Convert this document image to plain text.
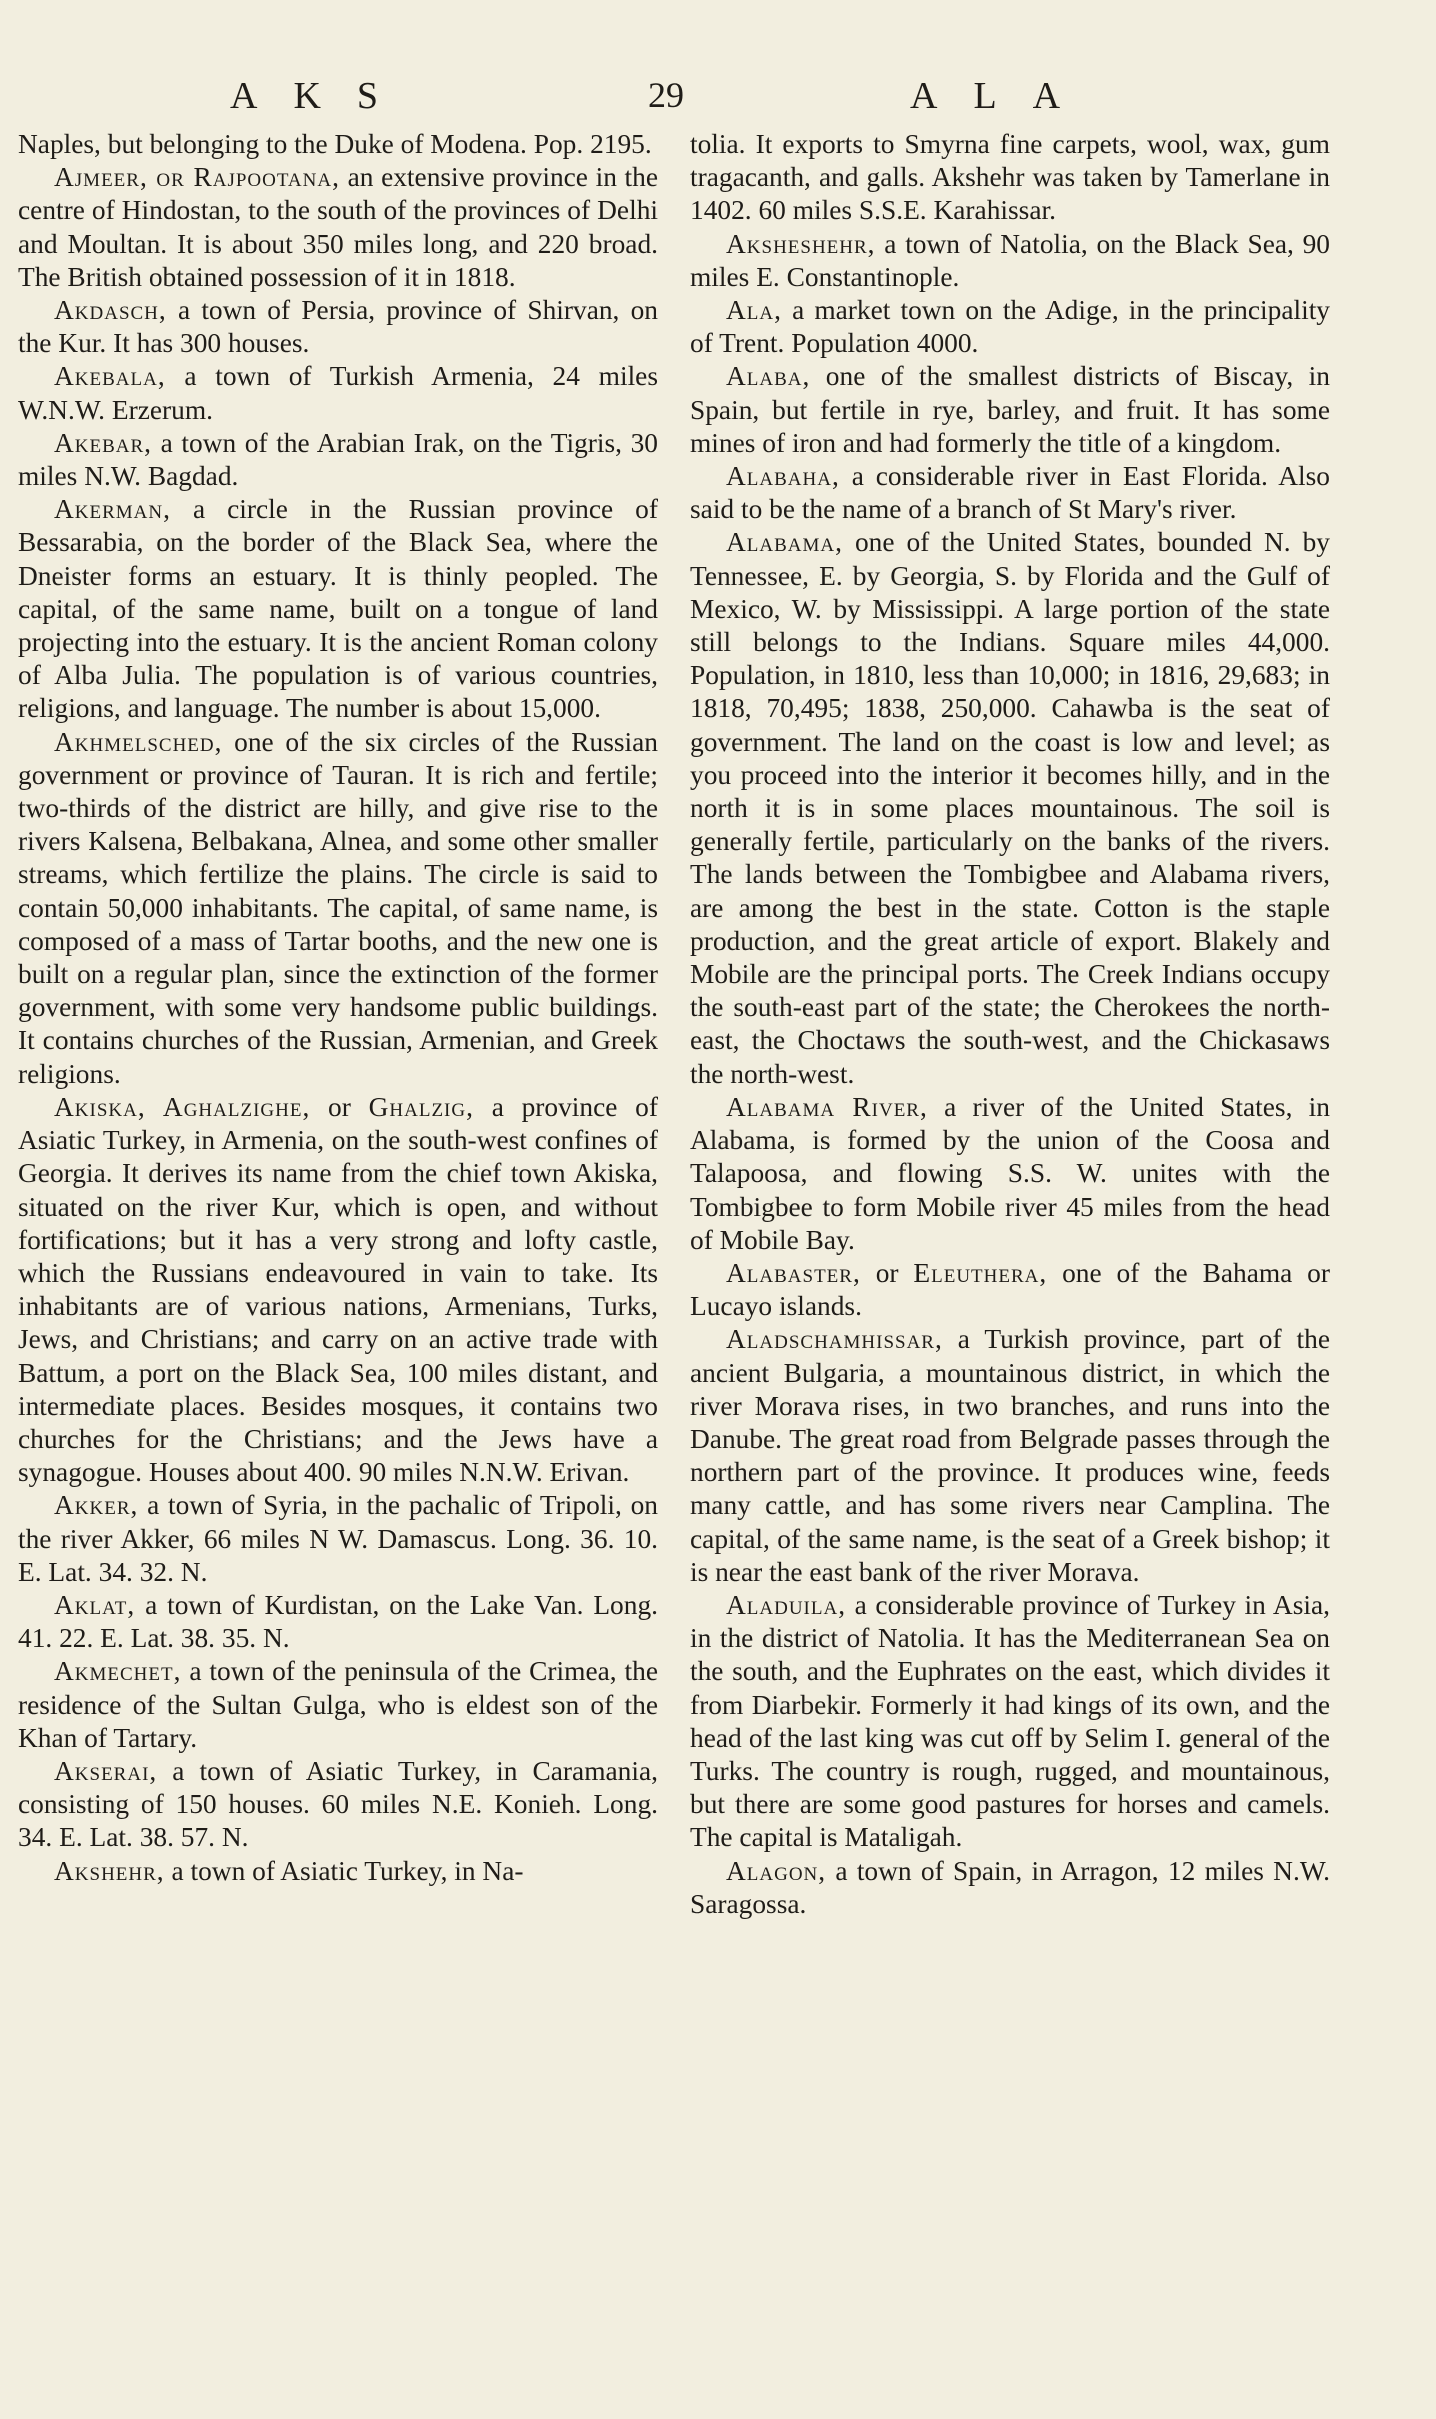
AKS	29	ALA

Naples, but belonging to the Duke of Modena. Pop. 2195.

Ajmeer, or Rajpootana, an extensive province in the centre of Hindostan, to the south of the provinces of Delhi and Moultan. It is about 350 miles long, and 220 broad. The British obtained possession of it in 1818.

Akdasch, a town of Persia, province of Shirvan, on the Kur. It has 300 houses.

Akebala, a town of Turkish Armenia, 24 miles W.N.W. Erzerum.

Akebar, a town of the Arabian Irak, on the Tigris, 30 miles N.W. Bagdad.

Akerman, a circle in the Russian province of Bessarabia, on the border of the Black Sea, where the Dneister forms an estuary. It is thinly peopled. The capital, of the same name, built on a tongue of land projecting into the estuary. It is the ancient Roman colony of Alba Julia. The population is of various countries, religions, and language. The number is about 15,000.

Akhmelsched, one of the six circles of the Russian government or province of Tauran. It is rich and fertile; two-thirds of the district are hilly, and give rise to the rivers Kalsena, Belbakana, Alnea, and some other smaller streams, which fertilize the plains. The circle is said to contain 50,000 inhabitants. The capital, of same name, is composed of a mass of Tartar booths, and the new one is built on a regular plan, since the extinction of the former government, with some very handsome public buildings. It contains churches of the Russian, Armenian, and Greek religions.

Akiska, Aghalzighe, or Ghalzig, a province of Asiatic Turkey, in Armenia, on the south-west confines of Georgia. It derives its name from the chief town Akiska, situated on the river Kur, which is open, and without fortifications; but it has a very strong and lofty castle, which the Russians endeavoured in vain to take. Its inhabitants are of various nations, Armenians, Turks, Jews, and Christians; and carry on an active trade with Battum, a port on the Black Sea, 100 miles distant, and intermediate places. Besides mosques, it contains two churches for the Christians; and the Jews have a synagogue. Houses about 400. 90 miles N.N.W. Erivan.

Akker, a town of Syria, in the pachalic of Tripoli, on the river Akker, 66 miles N W. Damascus. Long. 36. 10. E. Lat. 34. 32. N.

Aklat, a town of Kurdistan, on the Lake Van. Long. 41. 22. E. Lat. 38. 35. N.

Akmechet, a town of the peninsula of the Crimea, the residence of the Sultan Gulga, who is eldest son of the Khan of Tartary.

Akserai, a town of Asiatic Turkey, in Caramania, consisting of 150 houses. 60 miles N.E. Konieh. Long. 34. E. Lat. 38. 57. N.

Akshehr, a town of Asiatic Turkey, in Na-

tolia. It exports to Smyrna fine carpets, wool, wax, gum tragacanth, and galls. Akshehr was taken by Tamerlane in 1402. 60 miles S.S.E. Karahissar.

Aksheshehr, a town of Natolia, on the Black Sea, 90 miles E. Constantinople.

Ala, a market town on the Adige, in the principality of Trent. Population 4000.

Alaba, one of the smallest districts of Biscay, in Spain, but fertile in rye, barley, and fruit. It has some mines of iron and had formerly the title of a kingdom.

Alabaha, a considerable river in East Florida. Also said to be the name of a branch of St Mary's river.

Alabama, one of the United States, bounded N. by Tennessee, E. by Georgia, S. by Florida and the Gulf of Mexico, W. by Mississippi. A large portion of the state still belongs to the Indians. Square miles 44,000. Population, in 1810, less than 10,000; in 1816, 29,683; in 1818, 70,495; 1838, 250,000. Cahawba is the seat of government. The land on the coast is low and level; as you proceed into the interior it becomes hilly, and in the north it is in some places mountainous. The soil is generally fertile, particularly on the banks of the rivers. The lands between the Tombigbee and Alabama rivers, are among the best in the state. Cotton is the staple production, and the great article of export. Blakely and Mobile are the principal ports. The Creek Indians occupy the south-east part of the state; the Cherokees the north-east, the Choctaws the south-west, and the Chickasaws the north-west.

Alabama River, a river of the United States, in Alabama, is formed by the union of the Coosa and Talapoosa, and flowing S.S. W. unites with the Tombigbee to form Mobile river 45 miles from the head of Mobile Bay.

Alabaster, or Eleuthera, one of the Bahama or Lucayo islands.

Aladschamhissar, a Turkish province, part of the ancient Bulgaria, a mountainous district, in which the river Morava rises, in two branches, and runs into the Danube. The great road from Belgrade passes through the northern part of the province. It produces wine, feeds many cattle, and has some rivers near Camplina. The capital, of the same name, is the seat of a Greek bishop; it is near the east bank of the river Morava.

Aladuila, a considerable province of Turkey in Asia, in the district of Natolia. It has the Mediterranean Sea on the south, and the Euphrates on the east, which divides it from Diarbekir. Formerly it had kings of its own, and the head of the last king was cut off by Selim I. general of the Turks. The country is rough, rugged, and mountainous, but there are some good pastures for horses and camels. The capital is Mataligah.

Alagon, a town of Spain, in Arragon, 12 miles N.W. Saragossa.
